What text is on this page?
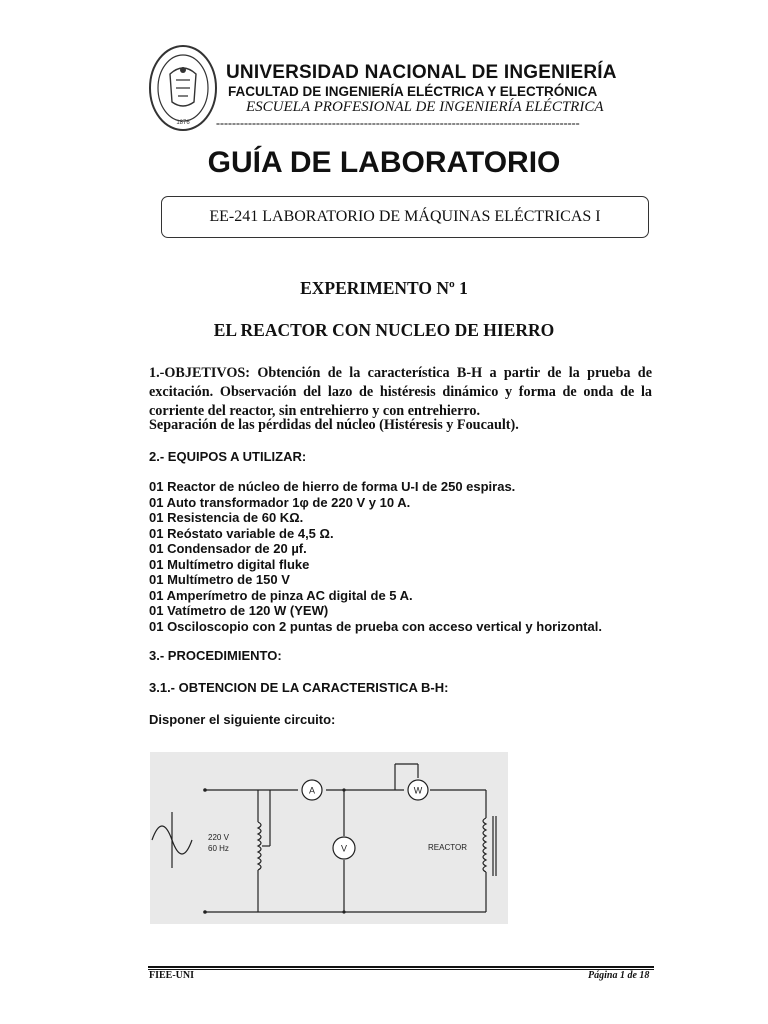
1876
UNIVERSIDAD NACIONAL DE INGENIERÍA
FACULTAD DE INGENIERÍA ELÉCTRICA Y ELECTRÓNICA
ESCUELA PROFESIONAL DE INGENIERÍA ELÉCTRICA
-------------------------------------------------------------------------------------------
GUÍA DE LABORATORIO
EE-241 LABORATORIO DE MÁQUINAS ELÉCTRICAS I
EXPERIMENTO Nº 1
EL REACTOR CON NUCLEO DE HIERRO
1.-OBJETIVOS: Obtención de la característica B-H a partir de la prueba de excitación. Observación del lazo de histéresis dinámico y forma de onda de la corriente del reactor, sin entrehierro y con entrehierro.
Separación de las pérdidas del núcleo (Histéresis y Foucault).
2.- EQUIPOS A UTILIZAR:
01 Reactor de núcleo de hierro de forma U-I de 250 espiras.
01 Auto transformador 1φ de 220 V y 10 A.
01 Resistencia de 60 KΩ.
01 Reóstato variable de 4,5 Ω.
01 Condensador de 20 µf.
01 Multímetro digital fluke
01 Multímetro de 150 V
01 Amperímetro de pinza AC digital de 5 A.
01 Vatímetro de 120 W (YEW)
01 Osciloscopio con 2 puntas de prueba con acceso vertical y horizontal.
3.- PROCEDIMIENTO:
3.1.- OBTENCION DE LA CARACTERISTICA B-H:
Disponer el siguiente circuito:
A
V
W
220 V
60 Hz	REACTOR
FIEE-UNI	Página 1 de 18
